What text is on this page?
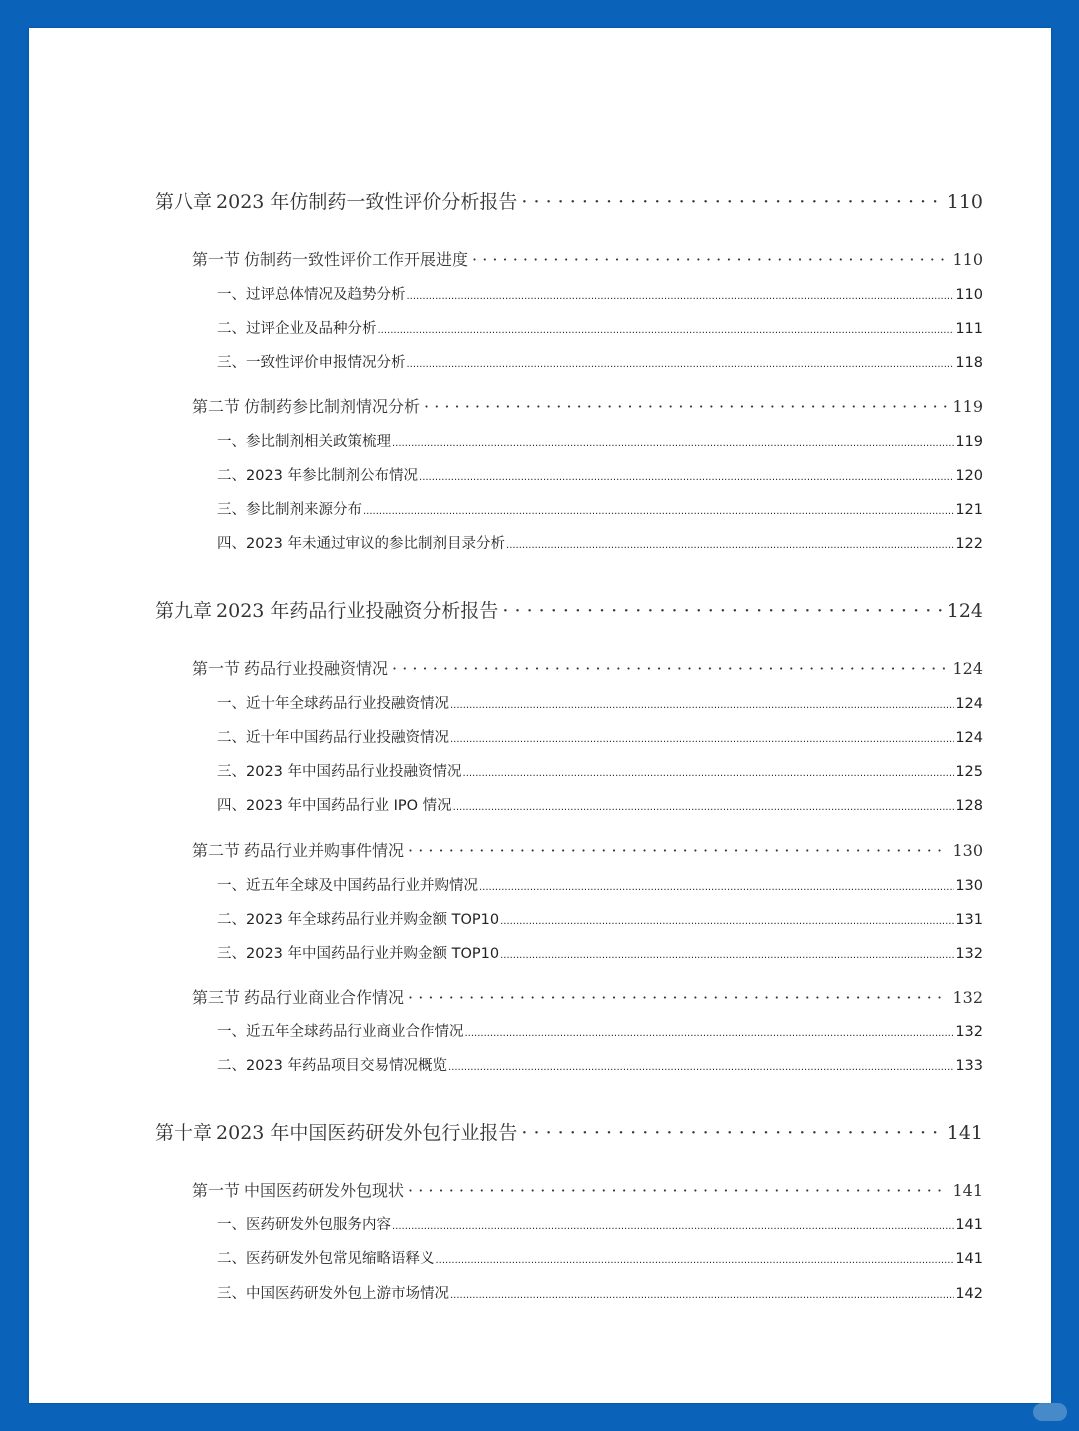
第八章 2023 年仿制药一致性评价分析报告 · · ·	110
第一节 仿制药一致性评价工作开展进度 · · ·	110
一、 过评总体情况及趋势分析 .....	110
二、 过评企业及品种分析 .....	111
三、 一致性评价申报情况分析 .....	118
第二节 仿制药参比制剂情况分析 · · ·	119
一、 参比制剂相关政策梳理 .....	119
二、 2023 年参比制剂公布情况 .....	120
三、 参比制剂来源分布 .....	121
四、 2023 年未通过审议的参比制剂目录分析 .....	122
第九章 2023 年药品行业投融资分析报告 · · ·	124
第一节 药品行业投融资情况 · · ·	124
一、 近十年全球药品行业投融资情况 .....	124
二、 近十年中国药品行业投融资情况 .....	124
三、 2023 年中国药品行业投融资情况 .....	125
四、 2023 年中国药品行业 IPO 情况 .....	128
第二节 药品行业并购事件情况 · · ·	130
一、 近五年全球及中国药品行业并购情况 .....	130
二、 2023 年全球药品行业并购金额 TOP10 .....	131
三、 2023 年中国药品行业并购金额 TOP10 .....	132
第三节 药品行业商业合作情况 · · ·	132
一、 近五年全球药品行业商业合作情况 .....	132
二、 2023 年药品项目交易情况概览 .....	133
第十章 2023 年中国医药研发外包行业报告 · · ·	141
第一节 中国医药研发外包现状 · · ·	141
一、 医药研发外包服务内容 .....	141
二、 医药研发外包常见缩略语释义 .....	141
三、 中国医药研发外包上游市场情况 .....	142
